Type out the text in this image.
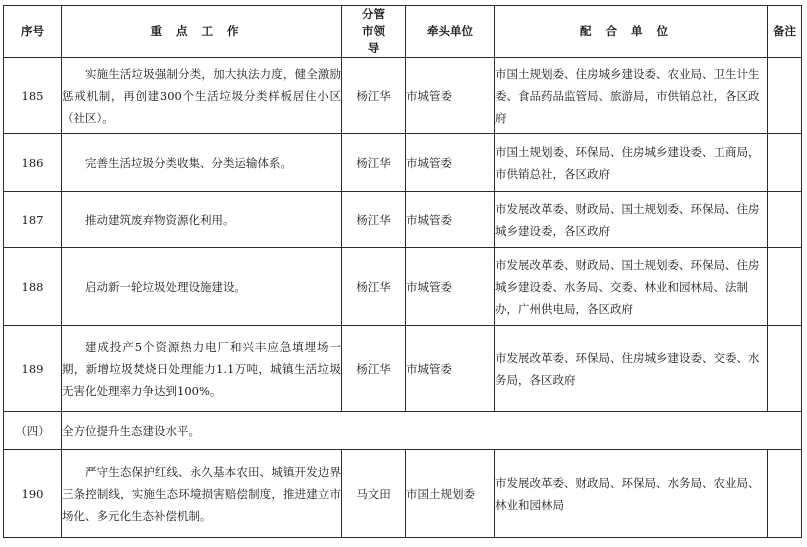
序号	重点工作	分管市领导	牵头单位	配合单位	备注
185	实施生活垃圾强制分类，加大执法力度，健全激励惩戒机制，再创建300个生活垃圾分类样板居住小区（社区）。	杨江华	市城管委	市国土规划委、住房城乡建设委、农业局、卫生计生委、食品药品监管局、旅游局，市供销总社，各区政府	
186	完善生活垃圾分类收集、分类运输体系。	杨江华	市城管委	市国土规划委、环保局、住房城乡建设委、工商局，市供销总社，各区政府	
187	推动建筑废弃物资源化利用。	杨江华	市城管委	市发展改革委、财政局、国土规划委、环保局、住房城乡建设委，各区政府	
188	启动新一轮垃圾处理设施建设。	杨江华	市城管委	市发展改革委、财政局、国土规划委、环保局、住房城乡建设委、水务局、交委、林业和园林局、法制办，广州供电局，各区政府	
189	建成投产5个资源热力电厂和兴丰应急填埋场一期，新增垃圾焚烧日处理能力1.1万吨，城镇生活垃圾无害化处理率力争达到100%。	杨江华	市城管委	市发展改革委、环保局、住房城乡建设委、交委、水务局，各区政府	
（四）	全方位提升生态建设水平。				
190	严守生态保护红线、永久基本农田、城镇开发边界三条控制线，实施生态环境损害赔偿制度，推进建立市场化、多元化生态补偿机制。	马文田	市国土规划委	市发展改革委、财政局、环保局、水务局、农业局、林业和园林局	
